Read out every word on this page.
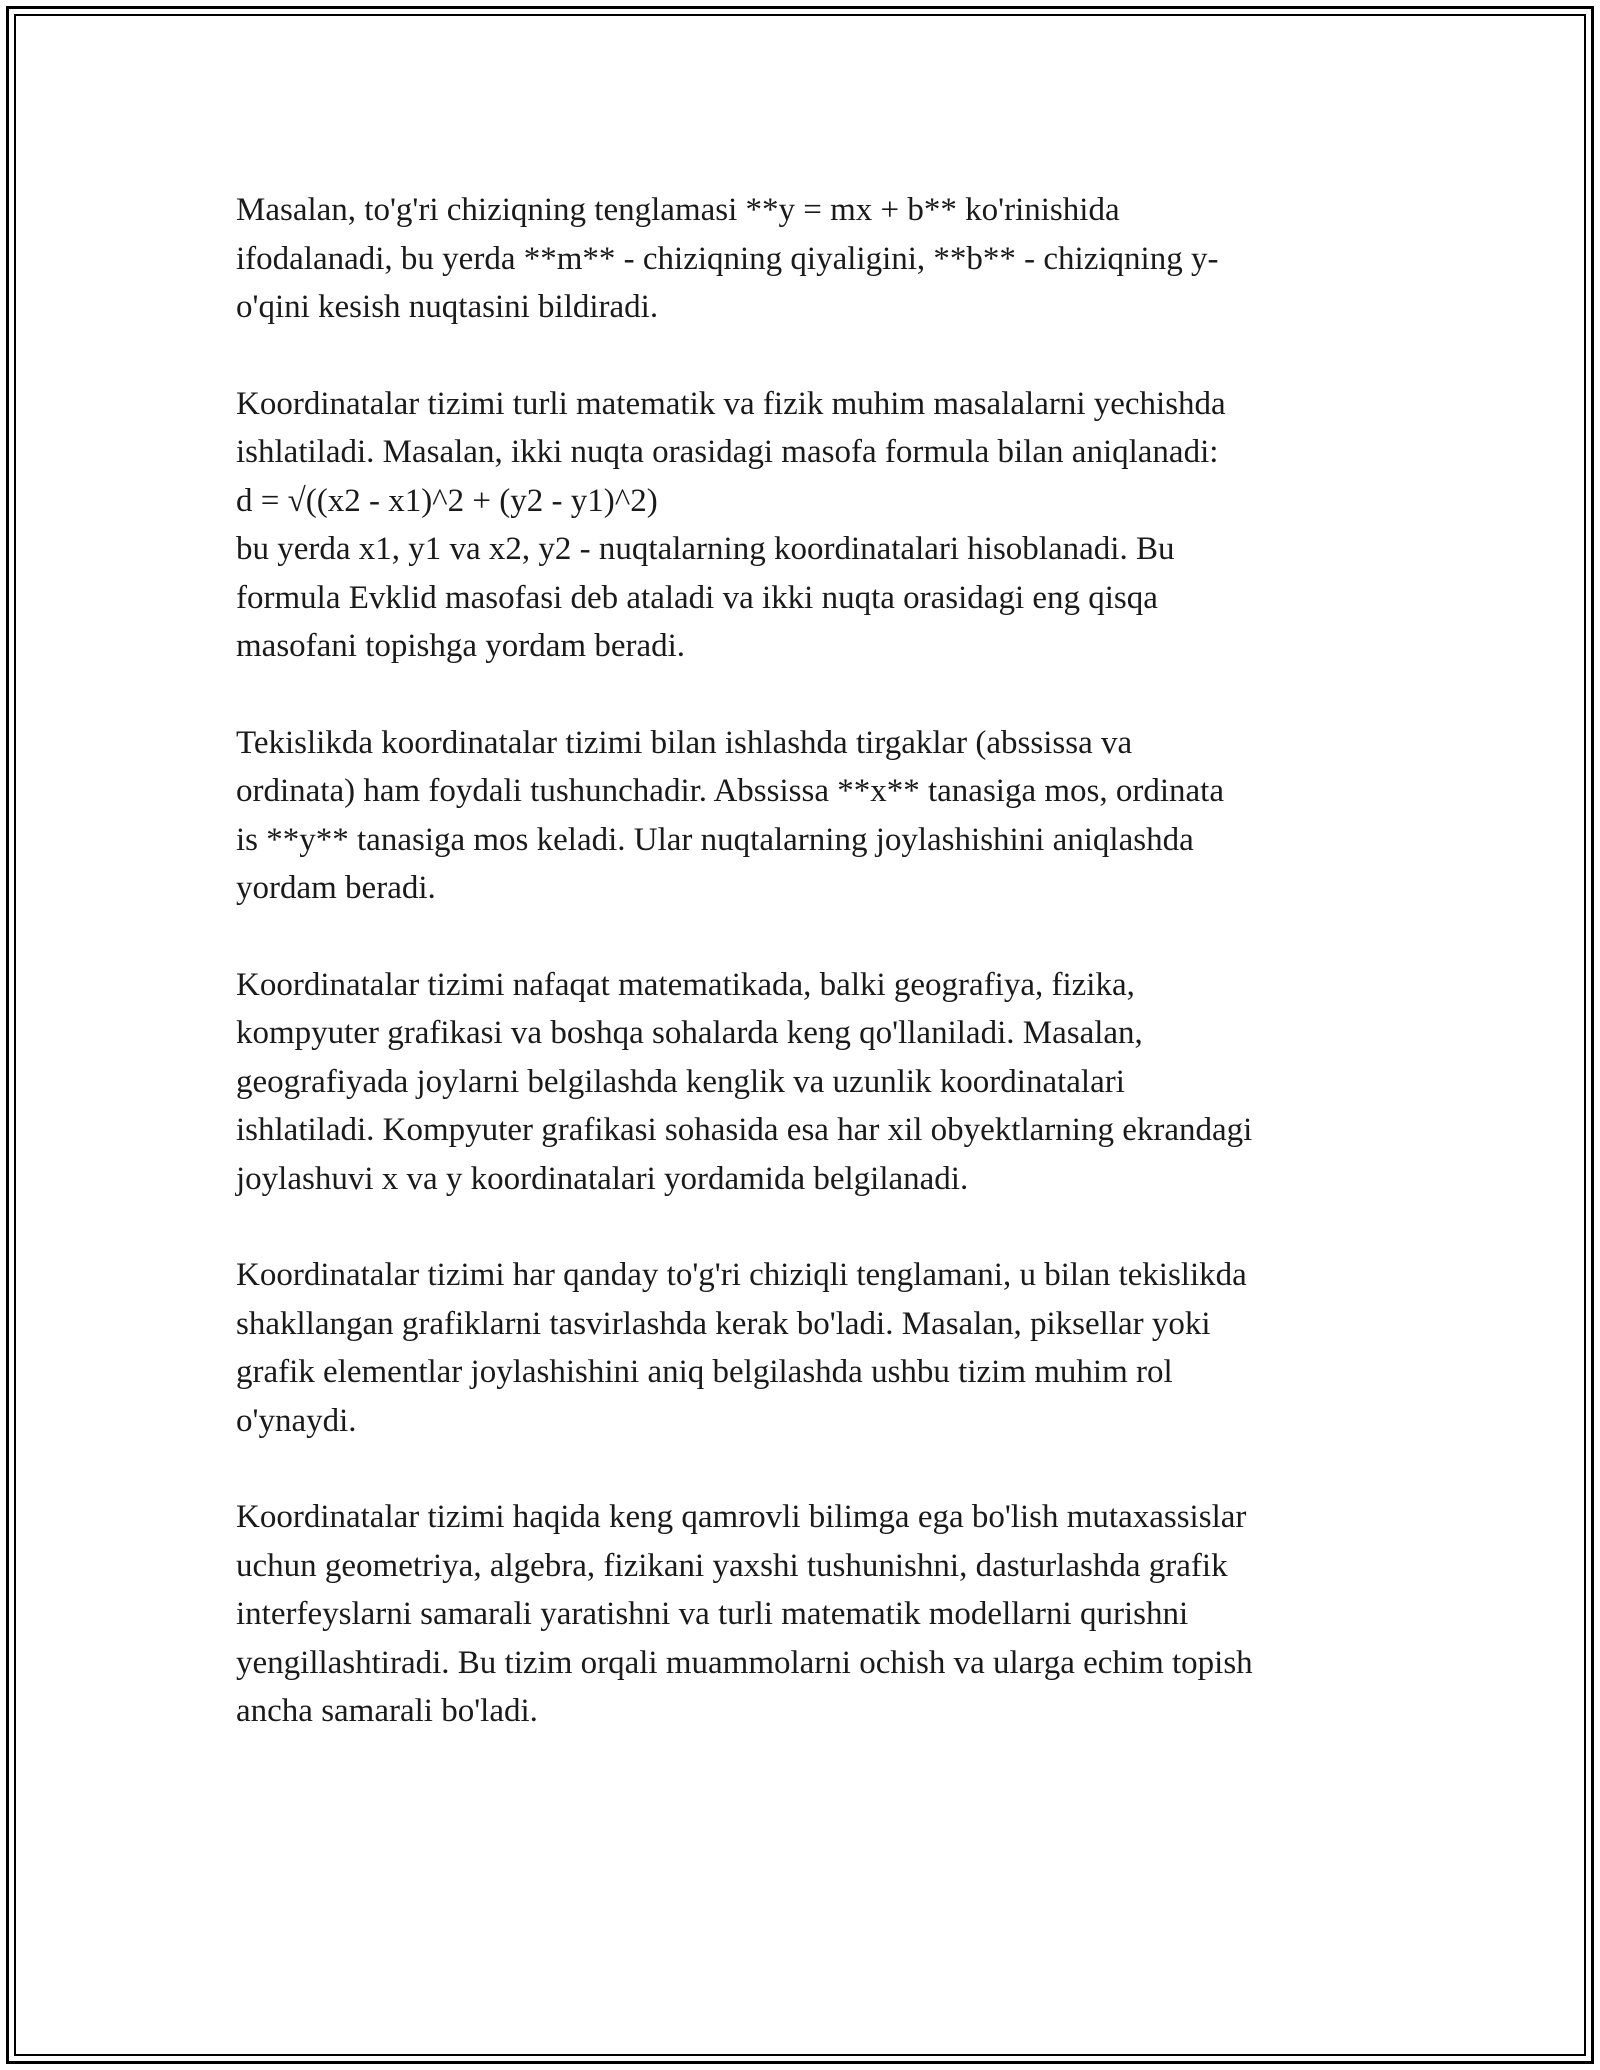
Masalan, to'g'ri chiziqning tenglamasi **y = mx + b** ko'rinishida
ifodalanadi, bu yerda **m** - chiziqning qiyaligini, **b** - chiziqning y-
o'qini kesish nuqtasini bildiradi.

Koordinatalar tizimi turli matematik va fizik muhim masalalarni yechishda
ishlatiladi. Masalan, ikki nuqta orasidagi masofa formula bilan aniqlanadi:
d = √((x2 - x1)^2 + (y2 - y1)^2)
bu yerda x1, y1 va x2, y2 - nuqtalarning koordinatalari hisoblanadi. Bu
formula Evklid masofasi deb ataladi va ikki nuqta orasidagi eng qisqa
masofani topishga yordam beradi.

Tekislikda koordinatalar tizimi bilan ishlashda tirgaklar (abssissa va
ordinata) ham foydali tushunchadir. Abssissa **x** tanasiga mos, ordinata
is **y** tanasiga mos keladi. Ular nuqtalarning joylashishini aniqlashda
yordam beradi.

Koordinatalar tizimi nafaqat matematikada, balki geografiya, fizika,
kompyuter grafikasi va boshqa sohalarda keng qo'llaniladi. Masalan,
geografiyada joylarni belgilashda kenglik va uzunlik koordinatalari
ishlatiladi. Kompyuter grafikasi sohasida esa har xil obyektlarning ekrandagi
joylashuvi x va y koordinatalari yordamida belgilanadi.

Koordinatalar tizimi har qanday to'g'ri chiziqli tenglamani, u bilan tekislikda
shakllangan grafiklarni tasvirlashda kerak bo'ladi. Masalan, piksellar yoki
grafik elementlar joylashishini aniq belgilashda ushbu tizim muhim rol
o'ynaydi.

Koordinatalar tizimi haqida keng qamrovli bilimga ega bo'lish mutaxassislar
uchun geometriya, algebra, fizikani yaxshi tushunishni, dasturlashda grafik
interfeyslarni samarali yaratishni va turli matematik modellarni qurishni
yengillashtiradi. Bu tizim orqali muammolarni ochish va ularga echim topish
ancha samarali bo'ladi.
